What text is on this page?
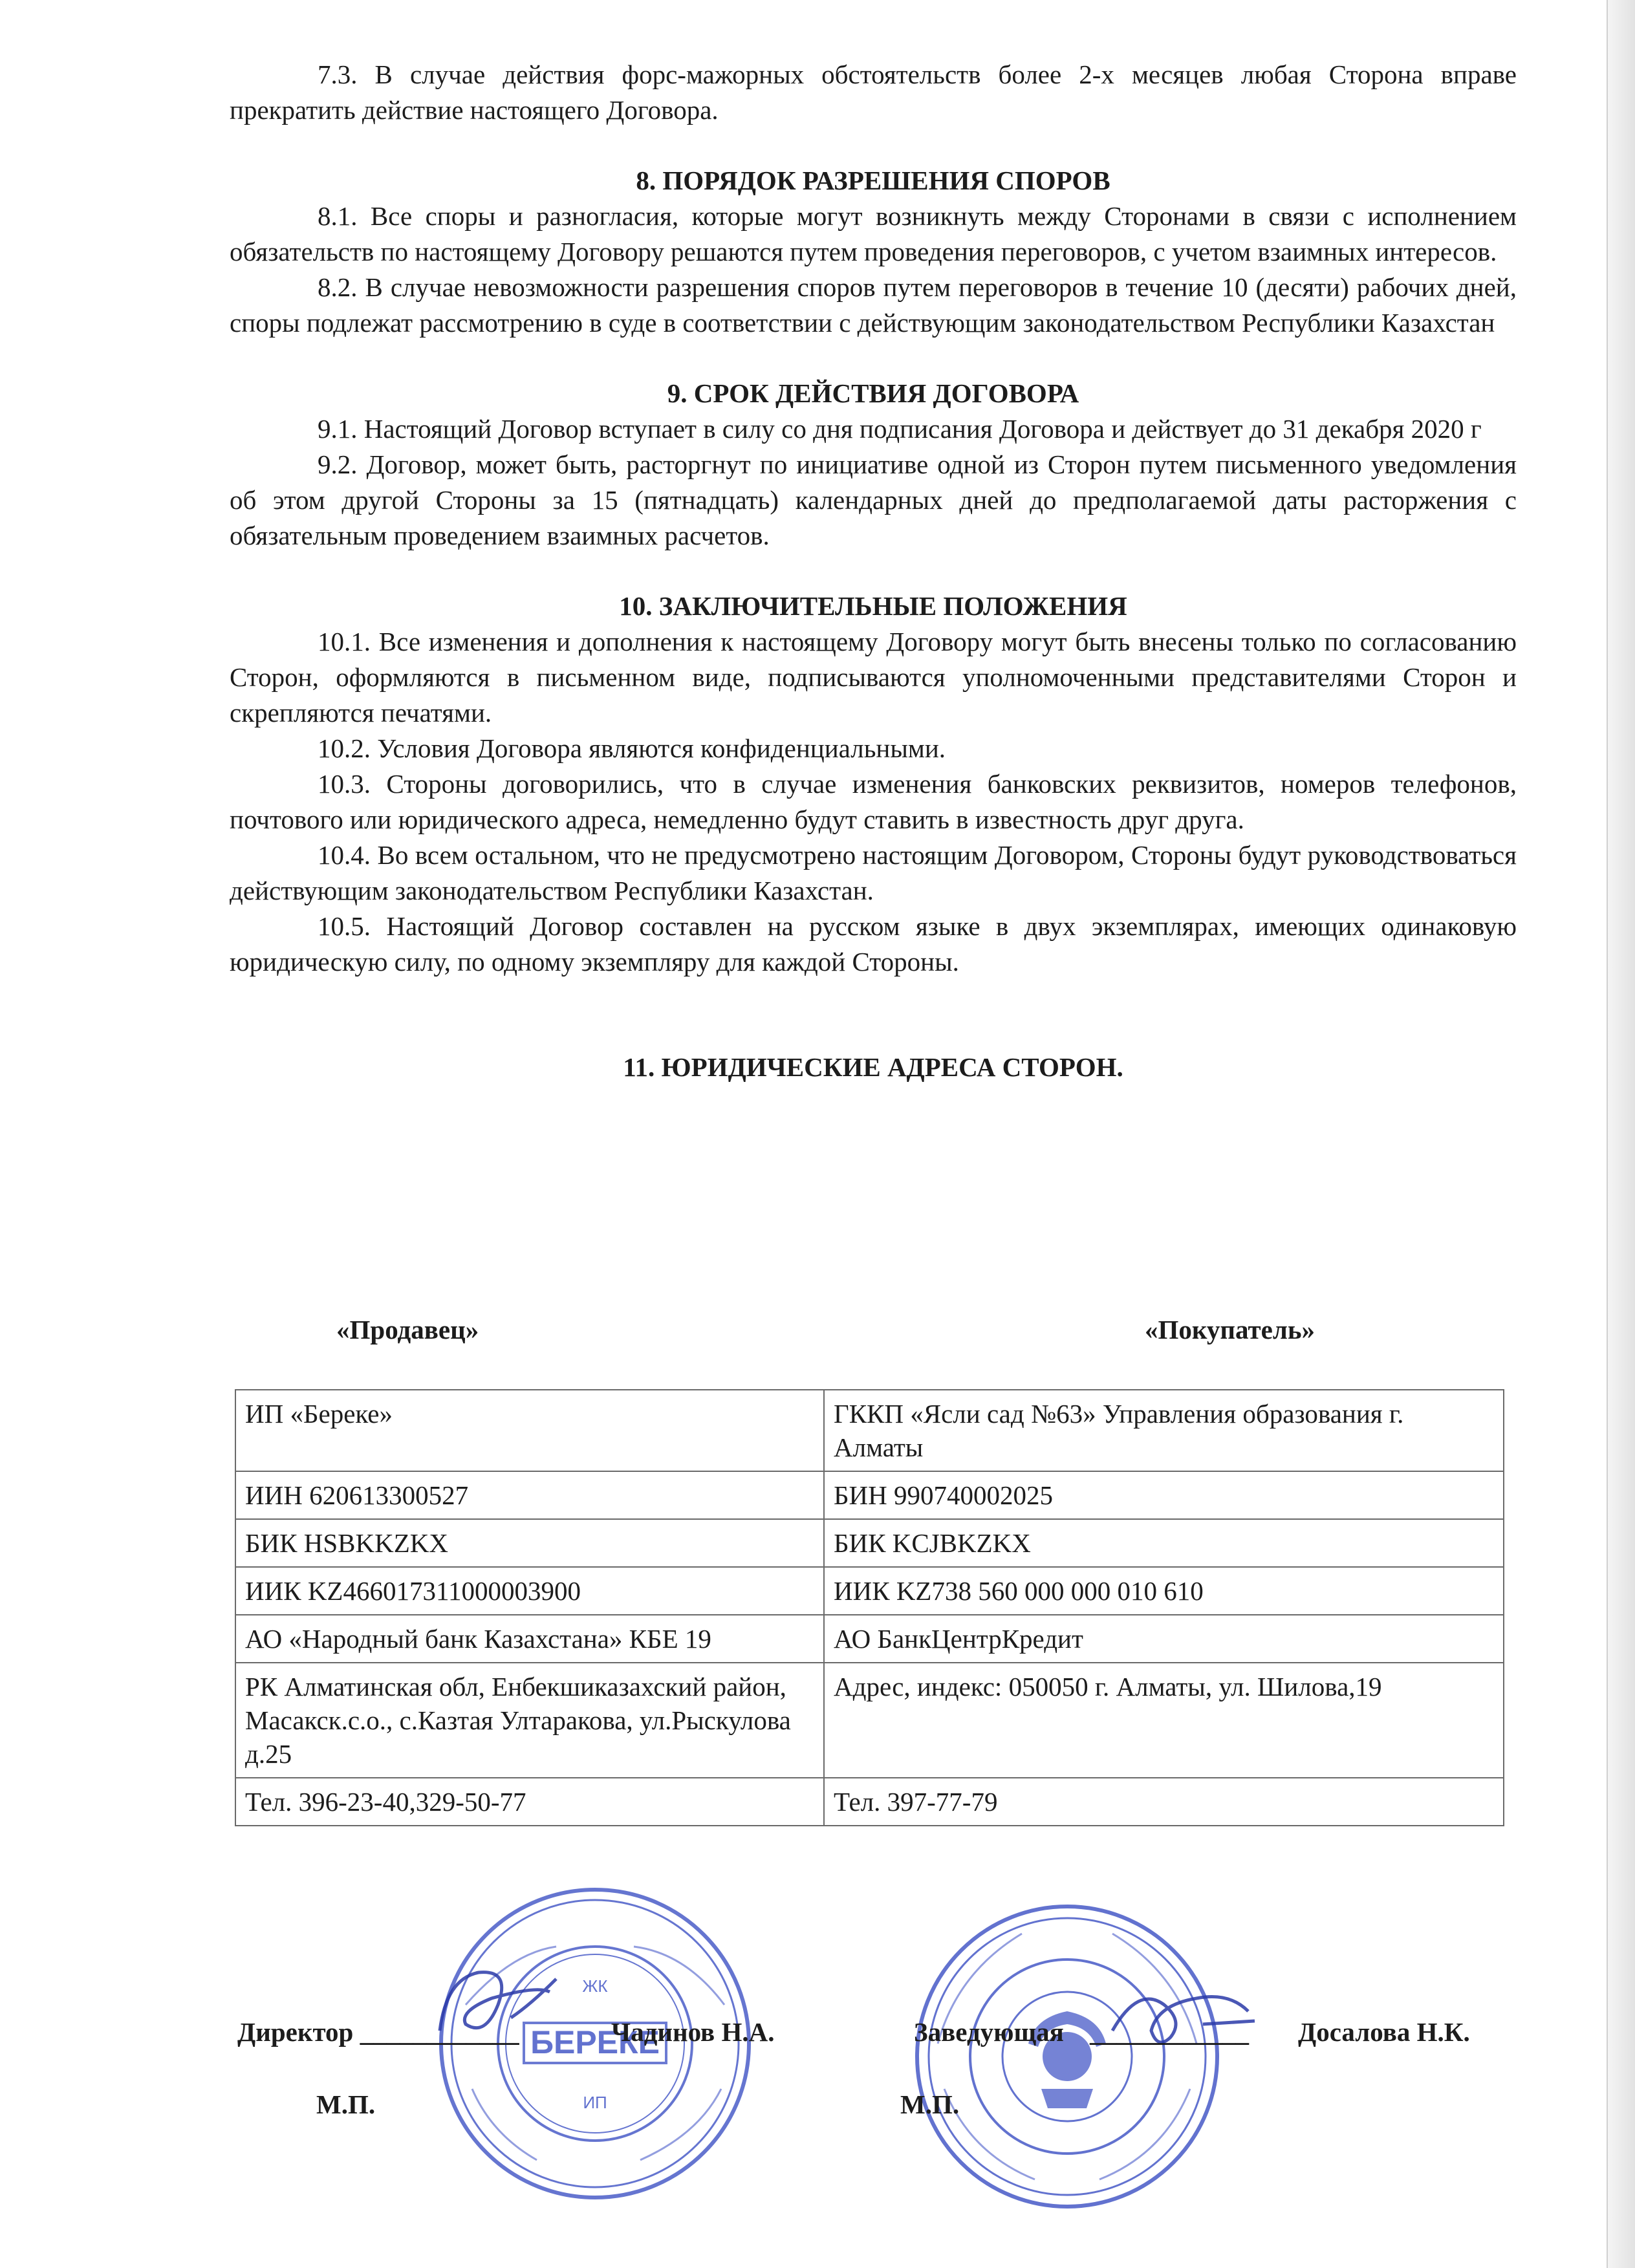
7.3. В случае действия форс-мажорных обстоятельств более 2-х месяцев любая Сторона вправе прекратить действие настоящего Договора.

8. ПОРЯДОК РАЗРЕШЕНИЯ СПОРОВ

8.1. Все споры и разногласия, которые могут возникнуть между Сторонами в связи с исполнением обязательств по настоящему Договору решаются путем проведения переговоров, с учетом взаимных интересов.

8.2. В случае невозможности разрешения споров путем переговоров в течение 10 (десяти) рабочих дней, споры подлежат рассмотрению в суде в соответствии с действующим законодательством Республики Казахстан

9. СРОК ДЕЙСТВИЯ ДОГОВОРА

9.1. Настоящий Договор вступает в силу со дня подписания Договора и действует до 31 декабря 2020 г

9.2. Договор, может быть, расторгнут по инициативе одной из Сторон путем письменного уведомления об этом другой Стороны за 15 (пятнадцать) календарных дней до предполагаемой даты расторжения с обязательным проведением взаимных расчетов.

10. ЗАКЛЮЧИТЕЛЬНЫЕ ПОЛОЖЕНИЯ

10.1. Все изменения и дополнения к настоящему Договору могут быть внесены только по согласованию Сторон, оформляются в письменном виде, подписываются уполномоченными представителями Сторон и скрепляются печатями.

10.2. Условия Договора являются конфиденциальными.

10.3. Стороны договорились, что в случае изменения банковских реквизитов, номеров телефонов, почтового или юридического адреса, немедленно будут ставить в известность друг друга.

10.4. Во всем остальном, что не предусмотрено настоящим Договором, Стороны будут руководствоваться действующим законодательством Республики Казахстан.

10.5. Настоящий Договор составлен на русском языке в двух экземплярах, имеющих одинаковую юридическую силу, по одному экземпляру для каждой Стороны.

11. ЮРИДИЧЕСКИЕ АДРЕСА СТОРОН.
«Продавец»	«Покупатель»
ИП «Береке»	ГККП «Ясли сад №63» Управления образования г. Алматы
ИИН 620613300527	БИН 990740002025
БИК HSBKKZKX	БИК KCJBKZKX
ИИК KZ466017311000003900	ИИК KZ738 560 000 000 010 610
АО «Народный банк Казахстана» КБЕ 19	АО БанкЦентрКредит
РК Алматинская обл, Енбекшиказахский район, Масакск.с.о., с.Казтая Ултаракова, ул.Рыскулова д.25	Адрес, индекс: 050050 г. Алматы, ул. Шилова,19
Тел. 396-23-40,329-50-77	Тел. 397-77-79
БЕРЕКЕ
ЖК
ИП
Директор ____________	Чадинов Н.А.	Заведующая ____________ Досалова Н.К.
М.П.	М.П.
